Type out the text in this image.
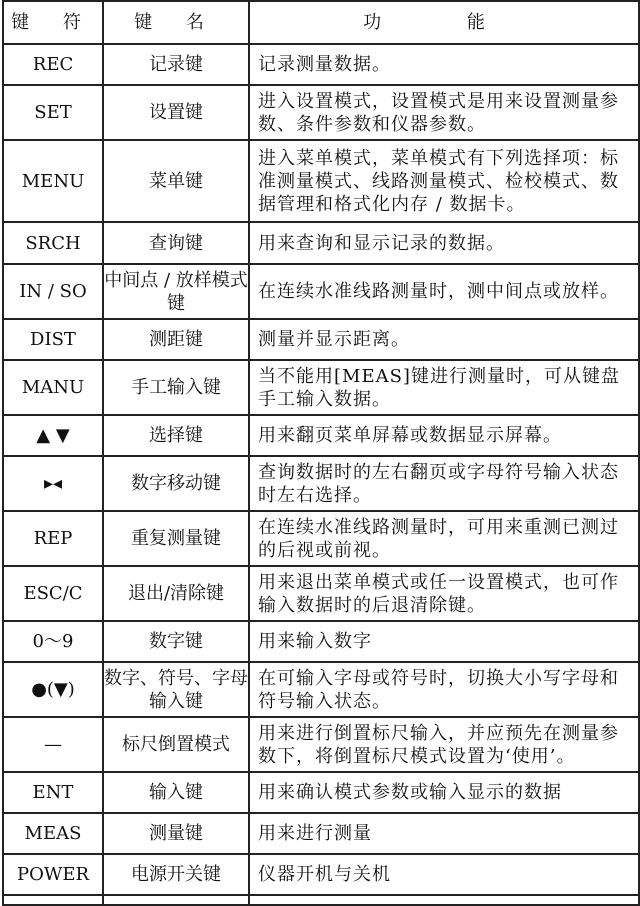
键 符	键 名	功 能
REC	记录键	记录测量数据。
SET	设置键	进入设置模式，设置模式是用来设置测量参数、条件参数和仪器参数。
MENU	菜单键	进入菜单模式，菜单模式有下列选择项：标准测量模式、线路测量模式、检校模式、数据管理和格式化内存 / 数据卡。
SRCH	查询键	用来查询和显示记录的数据。
IN / SO	中间点 / 放样模式键	在连续水准线路测量时，测中间点或放样。
DIST	测距键	测量并显示距离。
MANU	手工输入键	当不能用[MEAS]键进行测量时，可从键盘手工输入数据。
▲ ▼	选择键	用来翻页菜单屏幕或数据显示屏幕。
▸◂	数字移动键	查询数据时的左右翻页或字母符号输入状态时左右选择。
REP	重复测量键	在连续水准线路测量时，可用来重测已测过的后视或前视。
ESC/C	退出/清除键	用来退出菜单模式或任一设置模式，也可作输入数据时的后退清除键。
0～9	数字键	用来输入数字
●(▼)	数字、符号、字母输入键	在可输入字母或符号时，切换大小写字母和符号输入状态。
—	标尺倒置模式	用来进行倒置标尺输入，并应预先在测量参数下，将倒置标尺模式设置为‘使用’。
ENT	输入键	用来确认模式参数或输入显示的数据
MEAS	测量键	用来进行测量
POWER	电源开关键	仪器开机与关机
